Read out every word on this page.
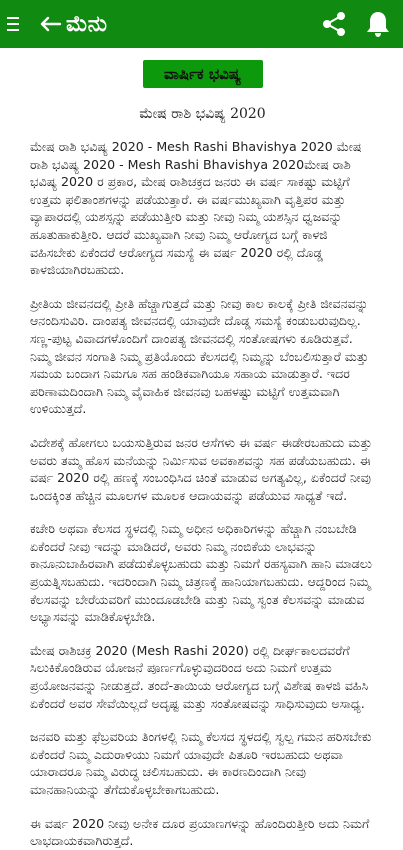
ಮೆನು
ವಾರ್ಷಿಕ ಭವಿಷ್ಯ
ಮೇಷ ರಾಶಿ ಭವಿಷ್ಯ 2020

ಮೇಷ ರಾಶಿ ಭವಿಷ್ಯ 2020 - Mesh Rashi Bhavishya 2020 ಮೇಷ ರಾಶಿ ಭವಿಷ್ಯ 2020 - Mesh Rashi Bhavishya 2020ಮೇಷ ರಾಶಿ ಭವಿಷ್ಯ 2020 ರ ಪ್ರಕಾರ, ಮೇಷ ರಾಶಿಚಕ್ರದ ಜನರು ಈ ವರ್ಷ ಸಾಕಷ್ಟು ಮಟ್ಟಿಗೆ ಉತ್ತಮ ಫಲಿತಾಂಶಗಳನ್ನು ಪಡೆಯುತ್ತಾರೆ. ಈ ವರ್ಷಮುಖ್ಯವಾಗಿ ವೃತ್ತಿಪರ ಮತ್ತು ವ್ಯಾಪಾರದಲ್ಲಿ ಯಶಸ್ಸನ್ನು ಪಡೆಯುತ್ತೀರಿ ಮತ್ತು ನೀವು ನಿಮ್ಮ ಯಶಸ್ಸಿನ ಧ್ವಜವನ್ನು ಹೂತುಹಾಕುತ್ತೀರಿ. ಆದರೆ ಮುಖ್ಯವಾಗಿ ನೀವು ನಿಮ್ಮ ಆರೋಗ್ಯದ ಬಗ್ಗೆ ಕಾಳಜಿ ವಹಿಸಬೇಕು ಏಕೆಂದರೆ ಆರೋಗ್ಯದ ಸಮಸ್ಯೆ ಈ ವರ್ಷ 2020 ರಲ್ಲಿ ದೊಡ್ಡ ಕಾಳಜಿಯಾಗಿರಬಹುದು.

ಪ್ರೀತಿಯ ಜೀವನದಲ್ಲಿ ಪ್ರೀತಿ ಹೆಚ್ಚಾಗುತ್ತದೆ ಮತ್ತು ನೀವು ಕಾಲ ಕಾಲಕ್ಕೆ ಪ್ರೀತಿ ಜೀವನವನ್ನು ಆನಂದಿಸುವಿರಿ. ದಾಂಪತ್ಯ ಜೀವನದಲ್ಲಿ ಯಾವುದೇ ದೊಡ್ಡ ಸಮಸ್ಯೆ ಕಂಡುಬರುವುದಿಲ್ಲ. ಸಣ್ಣ-ಪುಟ್ಟ ವಿವಾದಗಳೊಂದಿಗೆ ದಾಂಪತ್ಯ ಜೀವನದಲ್ಲಿ ಸಂತೋಷಗಳು ಕೂಡಿರುತ್ತವೆ. ನಿಮ್ಮ ಜೀವನ ಸಂಗಾತಿ ನಿಮ್ಮ ಪ್ರತಿಯೊಂದು ಕೆಲಸದಲ್ಲಿ ನಿಮ್ಮನ್ನು ಬೆಂಬಲಿಸುತ್ತಾರೆ ಮತ್ತು ಸಮಯ ಬಂದಾಗ ನಿಮಗೂ ಸಹ ಹಂಡಿಕವಾಗಿಯೂ ಸಹಾಯ ಮಾಡುತ್ತಾರೆ. ಇದರ ಪರಿಣಾಮದಿಂದಾಗಿ ನಿಮ್ಮ ವೈವಾಹಿಕ ಜೀವನವು ಬಹಳಷ್ಟು ಮಟ್ಟಿಗೆ ಉತ್ತಮವಾಗಿ ಉಳಿಯುತ್ತದೆ.

ವಿದೇಶಕ್ಕೆ ಹೋಗಲು ಬಯಸುತ್ತಿರುವ ಜನರ ಆಸೆಗಳು ಈ ವರ್ಷ ಈಡೇರಬಹುದು ಮತ್ತು ಅವರು ತಮ್ಮ ಹೊಸ ಮನೆಯನ್ನು ನಿರ್ಮಿಸುವ ಅವಕಾಶವನ್ನು ಸಹ ಪಡೆಯಬಹುದು. ಈ ವರ್ಷ 2020 ರಲ್ಲಿ ಹಣಕ್ಕೆ ಸಂಬಂಧಿಸಿದ ಚಿಂತೆ ಮಾಡುವ ಅಗತ್ಯವಿಲ್ಲ, ಏಕೆಂದರೆ ನೀವು ಒಂದಕ್ಕಿಂತ ಹೆಚ್ಚಿನ ಮೂಲಗಳ ಮೂಲಕ ಆದಾಯವನ್ನು ಪಡೆಯುವ ಸಾಧ್ಯತೆ ಇದೆ.

ಕಚೇರಿ ಅಥವಾ ಕೆಲಸದ ಸ್ಥಳದಲ್ಲಿ ನಿಮ್ಮ ಅಧೀನ ಅಧಿಕಾರಿಗಳನ್ನು ಹೆಚ್ಚಾಗಿ ನಂಬಬೇಡಿ ಏಕೆಂದರೆ ನೀವು ಇದನ್ನು ಮಾಡಿದರೆ, ಅವರು ನಿಮ್ಮ ನಂಬಿಕೆಯ ಲಾಭವನ್ನು ಕಾನೂನುಬಾಹಿರವಾಗಿ ಪಡೆದುಕೊಳ್ಳಬಹುದು ಮತ್ತು ನಿಮಗೆ ರಹಸ್ಯವಾಗಿ ಹಾನಿ ಮಾಡಲು ಪ್ರಯತ್ನಿಸಬಹುದು. ಇದರಿಂದಾಗಿ ನಿಮ್ಮ ಚಿತ್ರಣಕ್ಕೆ ಹಾನಿಯಾಗಬಹುದು. ಆದ್ದರಿಂದ ನಿಮ್ಮ ಕೆಲಸವನ್ನು ಬೇರೆಯವರಿಗೆ ಮುಂದೂಡಬೇಡಿ ಮತ್ತು ನಿಮ್ಮ ಸ್ವಂತ ಕೆಲಸವನ್ನು ಮಾಡುವ ಅಭ್ಯಾಸವನ್ನು ಮಾಡಿಕೊಳ್ಳಬೇಡಿ.

ಮೇಷ ರಾಶಿಚಕ್ರ 2020 (Mesh Rashi 2020) ರಲ್ಲಿ ದೀರ್ಘಕಾಲದವರೆಗೆ ಸಿಲುಕಿಕೊಂಡಿರುವ ಯೋಜನೆ ಪೂರ್ಣಗೊಳ್ಳುವುದರಿಂದ ಅದು ನಿಮಗೆ ಉತ್ತಮ ಪ್ರಯೋಜನವನ್ನು ನೀಡುತ್ತದೆ. ತಂದೆ-ತಾಯಿಯ ಆರೋಗ್ಯದ ಬಗ್ಗೆ ವಿಶೇಷ ಕಾಳಜಿ ವಹಿಸಿ ಏಕೆಂದರೆ ಅವರ ಸೇವೆಯಿಲ್ಲದೆ ಅದೃಷ್ಟ ಮತ್ತು ಸಂತೋಷವನ್ನು ಸಾಧಿಸುವುದು ಅಸಾಧ್ಯ.

ಜನವರಿ ಮತ್ತು ಫೆಬ್ರವರಿಯ ತಿಂಗಳಲ್ಲಿ ನಿಮ್ಮ ಕೆಲಸದ ಸ್ಥಳದಲ್ಲಿ ಸ್ವಲ್ಪ ಗಮನ ಹರಿಸಬೇಕು ಏಕೆಂದರೆ ನಿಮ್ಮ ಎದುರಾಳಿಯು ನಿಮಗೆ ಯಾವುದೇ ಪಿತೂರಿ ಇರಬಹುದು ಅಥವಾ ಯಾರಾದರೂ ನಿಮ್ಮ ವಿರುದ್ಧ ಚಲಿಸಬಹುದು. ಈ ಕಾರಣದಿಂದಾಗಿ ನೀವು ಮಾನಹಾನಿಯನ್ನು ತೆಗೆದುಕೊಳ್ಳಬೇಕಾಗಬಹುದು.

ಈ ವರ್ಷ 2020 ನೀವು ಅನೇಕ ದೂರ ಪ್ರಯಾಣಗಳನ್ನು ಹೊಂದಿರುತ್ತೀರಿ ಅದು ನಿಮಗೆ ಲಾಭದಾಯಕವಾಗಿರುತ್ತದೆ.
